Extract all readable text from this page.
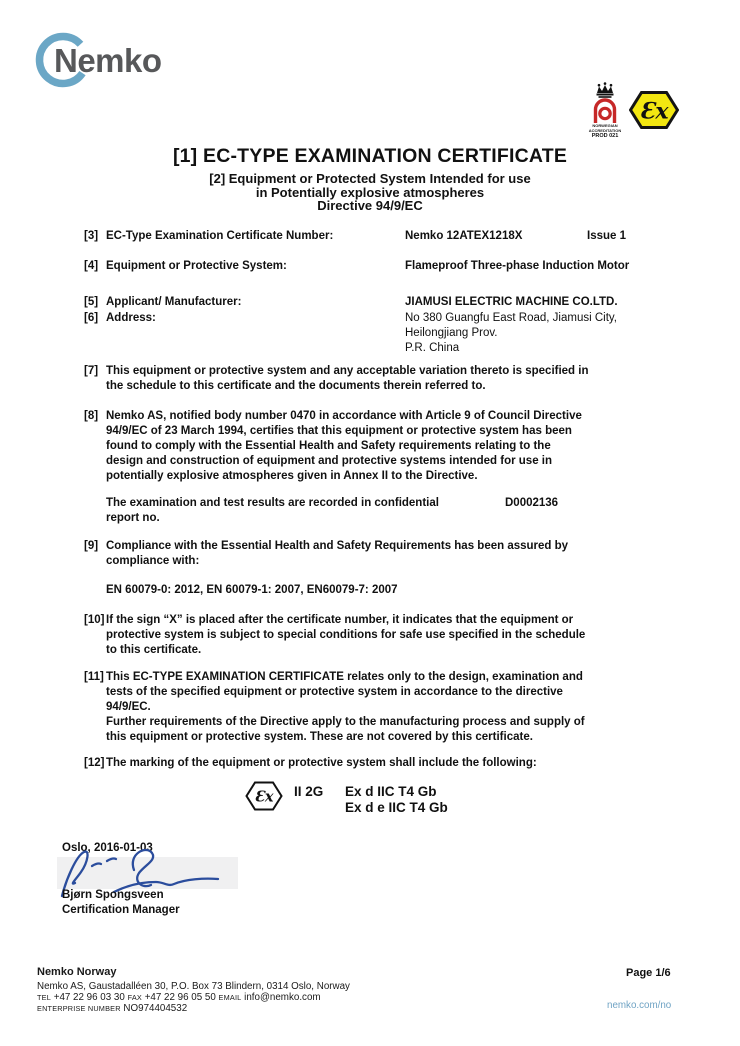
Nemko
NORWEGIAN
ACCREDITATION
PROD 021
Ɛx
[1] EC-TYPE EXAMINATION CERTIFICATE
[2] Equipment or Protected System Intended for use
in Potentially explosive atmospheres
Directive 94/9/EC
[3] EC-Type Examination Certificate Number:	Nemko 12ATEX1218X	Issue 1
[4] Equipment or Protective System:	Flameproof Three-phase Induction Motor
[5] Applicant/ Manufacturer:	JIAMUSI ELECTRIC MACHINE CO.LTD.
[6] Address:	No 380 Guangfu East Road, Jiamusi City,
Heilongjiang Prov.
P.R. China
[7] This equipment or protective system and any acceptable variation thereto is specified in
the schedule to this certificate and the documents therein referred to.
[8] Nemko AS, notified body number 0470 in accordance with Article 9 of Council Directive
94/9/EC of 23 March 1994, certifies that this equipment or protective system has been
found to comply with the Essential Health and Safety requirements relating to the
design and construction of equipment and protective systems intended for use in
potentially explosive atmospheres given in Annex II to the Directive.
The examination and test results are recorded in confidential
report no.
D0002136
[9] Compliance with the Essential Health and Safety Requirements has been assured by
compliance with:
EN 60079-0: 2012, EN 60079-1: 2007, EN60079-7: 2007
[10] If the sign “X” is placed after the certificate number, it indicates that the equipment or
protective system is subject to special conditions for safe use specified in the schedule
to this certificate.
[11] This EC-TYPE EXAMINATION CERTIFICATE relates only to the design, examination and
tests of the specified equipment or protective system in accordance to the directive
94/9/EC.
Further requirements of the Directive apply to the manufacturing process and supply of
this equipment or protective system. These are not covered by this certificate.
[12] The marking of the equipment or protective system shall include the following:
Ɛx II 2G Ex d IIC T4 Gb
Ex d e IIC T4 Gb
Oslo, 2016-01-03
Bjørn Spongsveen
Certification Manager
Nemko Norway
Nemko AS, Gaustadalléen 30, P.O. Box 73 Blindern, 0314 Oslo, Norway
TEL +47 22 96 03 30 FAX +47 22 96 05 50 EMAIL info@nemko.com
ENTERPRISE NUMBER NO974404532
Page 1/6
nemko.com/no
